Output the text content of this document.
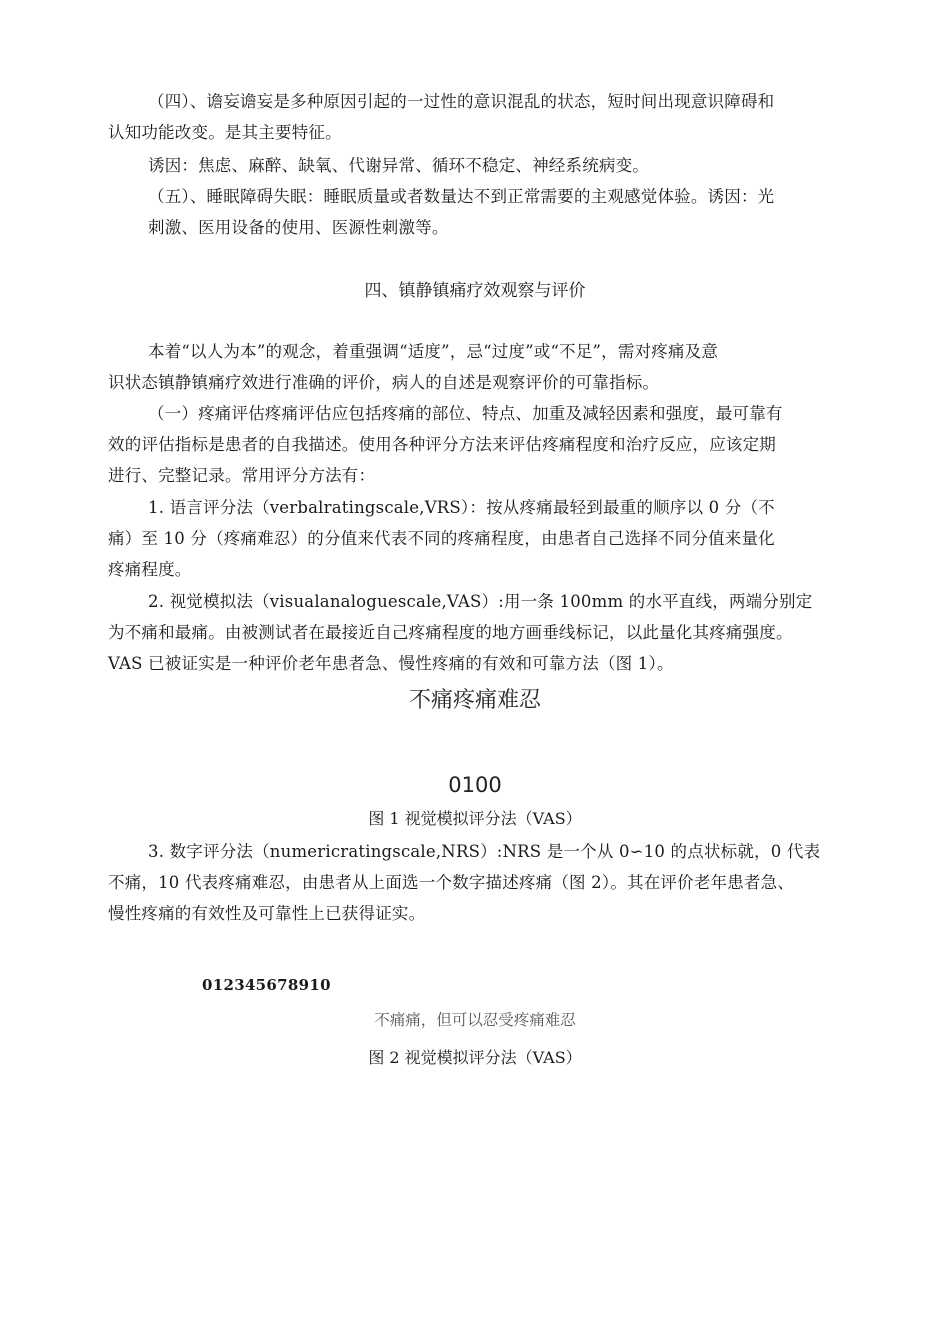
（四）、谵妄谵妄是多种原因引起的一过性的意识混乱的状态，短时间出现意识障碍和
认知功能改变。是其主要特征。
诱因：焦虑、麻醉、缺氧、代谢异常、循环不稳定、神经系统病变。
（五）、睡眠障碍失眠：睡眠质量或者数量达不到正常需要的主观感觉体验。诱因：光
刺激、医用设备的使用、医源性刺激等。
四、镇静镇痛疗效观察与评价
本着“以人为本”的观念，着重强调“适度”，忌“过度”或“不足”，需对疼痛及意
识状态镇静镇痛疗效进行准确的评价，病人的自述是观察评价的可靠指标。
（一）疼痛评估疼痛评估应包括疼痛的部位、特点、加重及减轻因素和强度，最可靠有
效的评估指标是患者的自我描述。使用各种评分方法来评估疼痛程度和治疗反应，应该定期
进行、完整记录。常用评分方法有：
1. 语言评分法（verbalratingscale,VRS）：按从疼痛最轻到最重的顺序以 0 分（不
痛）至 10 分（疼痛难忍）的分值来代表不同的疼痛程度，由患者自己选择不同分值来量化
疼痛程度。
2. 视觉模拟法（visualanaloguescale,VAS）:用一条 100mm 的水平直线，两端分别定
为不痛和最痛。由被测试者在最接近自己疼痛程度的地方画垂线标记，以此量化其疼痛强度。
VAS 已被证实是一种评价老年患者急、慢性疼痛的有效和可靠方法（图 1）。
不痛疼痛难忍
0100
图 1 视觉模拟评分法（VAS）
3. 数字评分法（numericratingscale,NRS）:NRS 是一个从 0∽10 的点状标就，0 代表
不痛，10 代表疼痛难忍，由患者从上面选一个数字描述疼痛（图 2）。其在评价老年患者急、
慢性疼痛的有效性及可靠性上已获得证实。
012345678910
不痛痛，但可以忍受疼痛难忍
图 2 视觉模拟评分法（VAS）
